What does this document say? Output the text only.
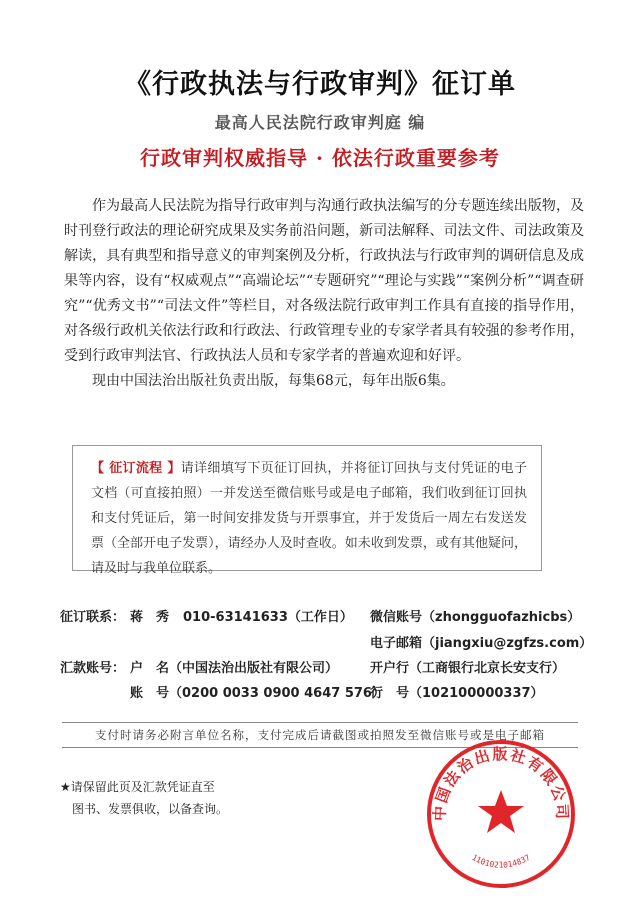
《行政执法与行政审判》征订单
最高人民法院行政审判庭 编
行政审判权威指导 · 依法行政重要参考

作为最高人民法院为指导行政审判与沟通行政执法编写的分专题连续出版物，及时刊登行政法的理论研究成果及实务前沿问题，新司法解释、司法文件、司法政策及解读，具有典型和指导意义的审判案例及分析，行政执法与行政审判的调研信息及成果等内容，设有“权威观点”“高端论坛”“专题研究”“理论与实践”“案例分析”“调查研究”“优秀文书”“司法文件”等栏目，对各级法院行政审判工作具有直接的指导作用，对各级行政机关依法行政和行政法、行政管理专业的专家学者具有较强的参考作用，受到行政审判法官、行政执法人员和专家学者的普遍欢迎和好评。

现由中国法治出版社负责出版，每集68元，每年出版6集。

【 征订流程 】请详细填写下页征订回执，并将征订回执与支付凭证的电子文档（可直接拍照）一并发送至微信账号或是电子邮箱，我们收到征订回执和支付凭证后，第一时间安排发货与开票事宜，并于发货后一周左右发送发票（全部开电子发票），请经办人及时查收。如未收到发票，或有其他疑问，请及时与我单位联系。
征订联系： 蒋　秀 010-63141633（工作日） 微信账号（zhongguofazhicbs）
电子邮箱（jiangxiu@zgfzs.com）
汇款账号： 户　名（中国法治出版社有限公司）
账　号（0200 0033 0900 4647 576）
开户行（工商银行北京长安支行）
行　号（102100000337）
支付时请务必附言单位名称，支付完成后请截图或拍照发至微信账号或是电子邮箱
★请保留此页及汇款凭证直至
图书、发票俱收，以备查询。	中国法治出版社有限公司
1101021014837
